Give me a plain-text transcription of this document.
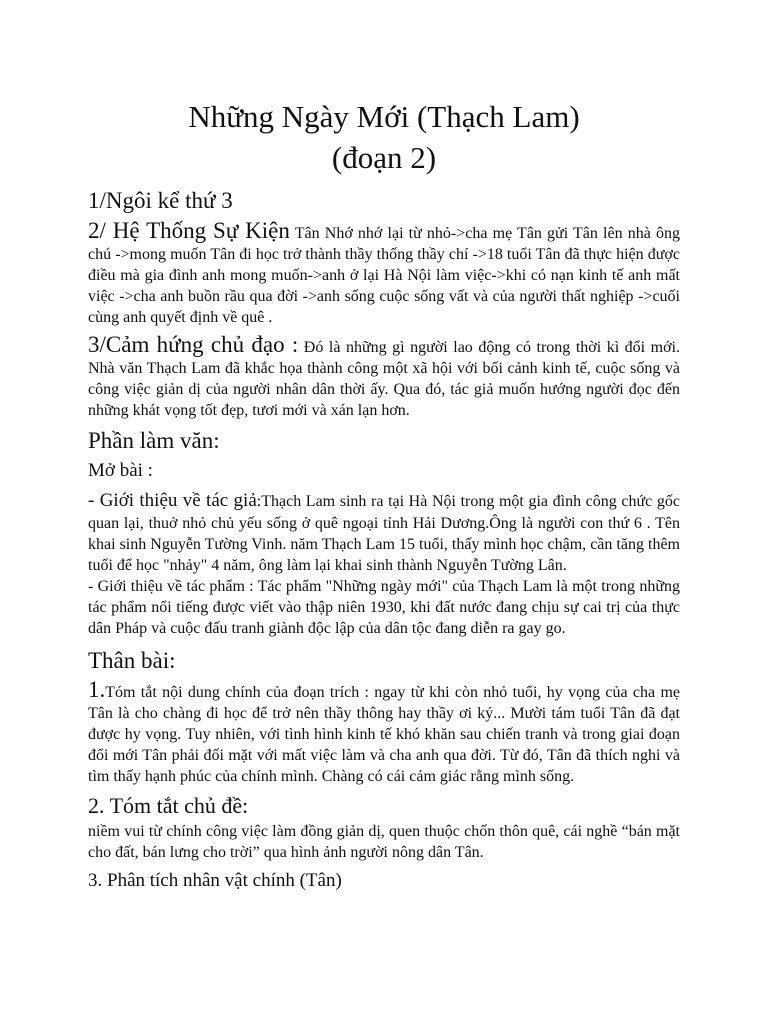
Những Ngày Mới (Thạch Lam)
(đoạn 2)

1/Ngôi kể thứ 3

2/ Hệ Thống Sự Kiện Tân Nhớ nhớ lại từ nhỏ->cha mẹ Tân gửi Tân lên nhà ông chú ->mong muốn Tân đi học trở thành thầy thống thầy chí ->18 tuổi Tân đã thực hiện được điều mà gia đình anh mong muốn->anh ở lại Hà Nội làm việc->khi có nạn kinh tế anh mất việc ->cha anh buồn rầu qua đời ->anh sống cuộc sống vất và của người thất nghiệp ->cuối cùng anh quyết định về quê .

3/Cảm hứng chủ đạo : Đó là những gì người lao động có trong thời kì đổi mới. Nhà văn Thạch Lam đã khắc họa thành công một xã hội với bối cảnh kinh tế, cuộc sống và công việc giản dị của người nhân dân thời ấy. Qua đó, tác giả muốn hướng người đọc đến những khát vọng tốt đẹp, tươi mới và xán lạn hơn.

Phần làm văn:
Mở bài :

- Giới thiệu về tác giả:Thạch Lam sinh ra tại Hà Nội trong một gia đình công chức gốc quan lại, thuở nhỏ chủ yếu sống ở quê ngoại tỉnh Hải Dương.Ông là người con thứ 6 . Tên khai sinh Nguyễn Tường Vinh. năm Thạch Lam 15 tuổi, thấy mình học chậm, cần tăng thêm tuổi để học "nhảy" 4 năm, ông làm lại khai sinh thành Nguyễn Tường Lân.

- Giới thiệu về tác phẩm : Tác phẩm "Những ngày mới" của Thạch Lam là một trong những tác phẩm nổi tiếng được viết vào thập niên 1930, khi đất nước đang chịu sự cai trị của thực dân Pháp và cuộc đấu tranh giành độc lập của dân tộc đang diễn ra gay go.

Thân bài:

1.Tóm tắt nội dung chính của đoạn trích : ngay từ khi còn nhỏ tuổi, hy vọng của cha mẹ Tân là cho chàng đi học để trở nên thầy thông hay thầy ơi ký... Mười tám tuổi Tân đã đạt được hy vọng. Tuy nhiên, với tình hình kinh tế khó khăn sau chiến tranh và trong giai đoạn đổi mới Tân phải đối mặt với mất việc làm và cha anh qua đời. Từ đó, Tân đã thích nghi và tìm thấy hạnh phúc của chính mình. Chàng có cái cảm giác rằng mình sống.

2. Tóm tắt chủ đề:

niềm vui từ chính công việc làm đồng giản dị, quen thuộc chốn thôn quê, cái nghề “bán mặt cho đất, bán lưng cho trời” qua hình ảnh người nông dân Tân.

3. Phân tích nhân vật chính (Tân)
